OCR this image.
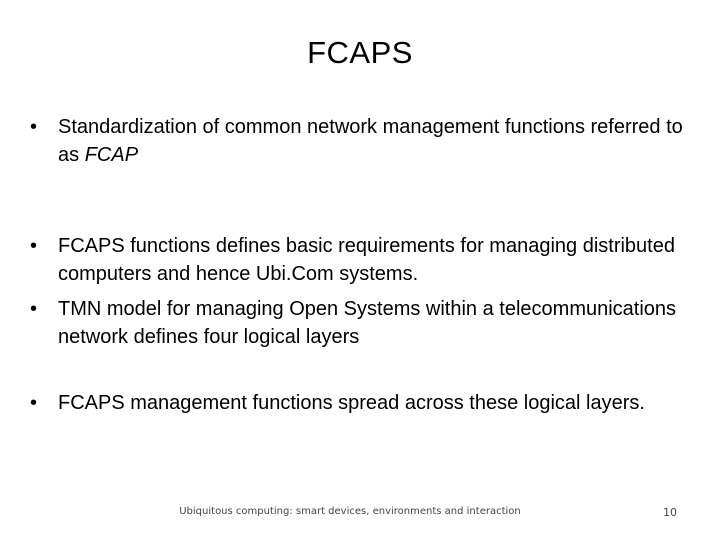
FCAPS
•	Standardization of common network management functions referred to as FCAP
•	FCAPS functions defines basic requirements for managing distributed computers and hence Ubi.Com systems.
•	TMN model for managing Open Systems within a telecommunications network defines four logical layers
•	FCAPS management functions spread across these logical layers.
Ubiquitous computing: smart devices, environments and interaction	10
